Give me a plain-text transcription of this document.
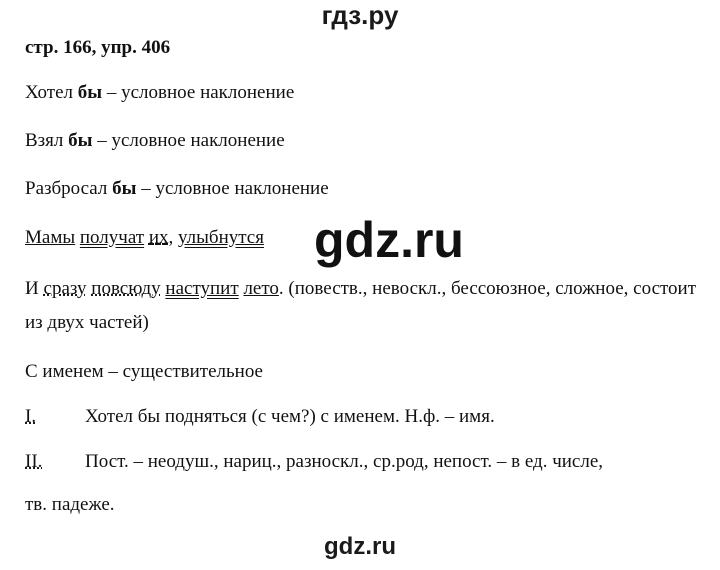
гдз.ру
стр. 166, упр. 406
Хотел бы – условное наклонение
Взял бы – условное наклонение
Разбросал бы – условное наклонение
Мамы получат их, улыбнутся gdz.ru
И сразу повсюду наступит лето. (повеств., невоскл., бессоюзное, сложное, состоит из двух частей)
С именем – существительное
I.	Хотел бы подняться (с чем?) с именем. Н.ф. – имя.
II. Пост. – неодуш., нариц., разноскл., ср.род, непост. – в ед. числе,
тв. падеже.
gdz.ru
